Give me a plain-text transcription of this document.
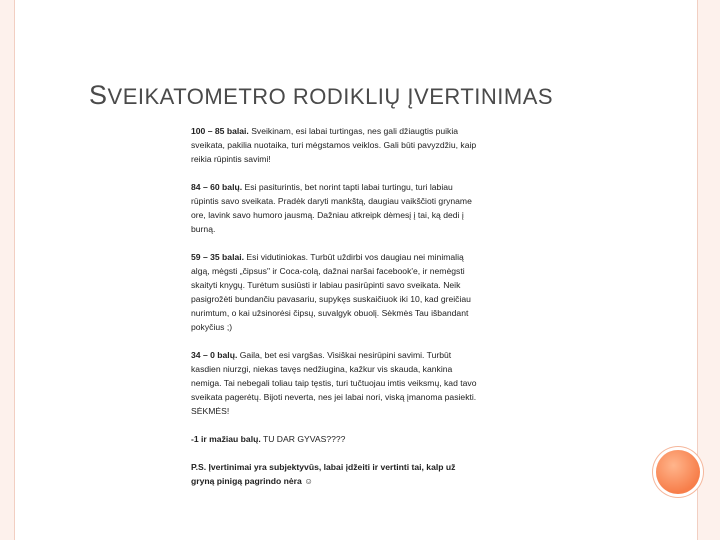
SVEIKATOMETRO RODIKLIŲ ĮVERTINIMAS

100 – 85 balai. Sveikinam, esi labai turtingas, nes gali džiaugtis puikia sveikata, pakilia nuotaika, turi mėgstamos veiklos. Gali būti pavyzdžiu, kaip reikia rūpintis savimi!

84 – 60 balų. Esi pasiturintis, bet norint tapti labai turtingu, turi labiau rūpintis savo sveikata. Pradėk daryti mankštą, daugiau vaikščioti gryname ore, lavink savo humoro jausmą. Dažniau atkreipk dėmesį į tai, ką dedi į burną.

59 – 35 balai. Esi vidutiniokas. Turbūt uždirbi vos daugiau nei minimalią algą, mėgsti „čipsus" ir Coca-colą, dažnai naršai facebook'e, ir nemėgsti skaityti knygų. Turėtum susiūsti ir labiau pasirūpinti savo sveikata. Neik pasigrožėti bundančiu pavasariu, supykęs suskaičiuok iki 10, kad greičiau nurimtum, o kai užsinorėsi čipsų, suvalgyk obuolį. Sėkmės Tau išbandant pokyčius ;)

34 – 0 balų. Gaila, bet esi vargšas. Visiškai nesirūpini savimi. Turbūt kasdien niurzgi, niekas tavęs nedžiugina, kažkur vis skauda, kankina nemiga. Tai nebegali toliau taip tęstis, turi tučtuojau imtis veiksmų, kad tavo sveikata pagerėtų. Bijoti neverta, nes jei labai nori, viską įmanoma pasiekti. SĖKMĖS!

-1 ir mažiau balų. TU DAR GYVAS????

P.S. Įvertinimai yra subjektyvūs, labai įdžeiti ir vertinti tai, kalp už gryną pinigą pagrindo nėra ☺
